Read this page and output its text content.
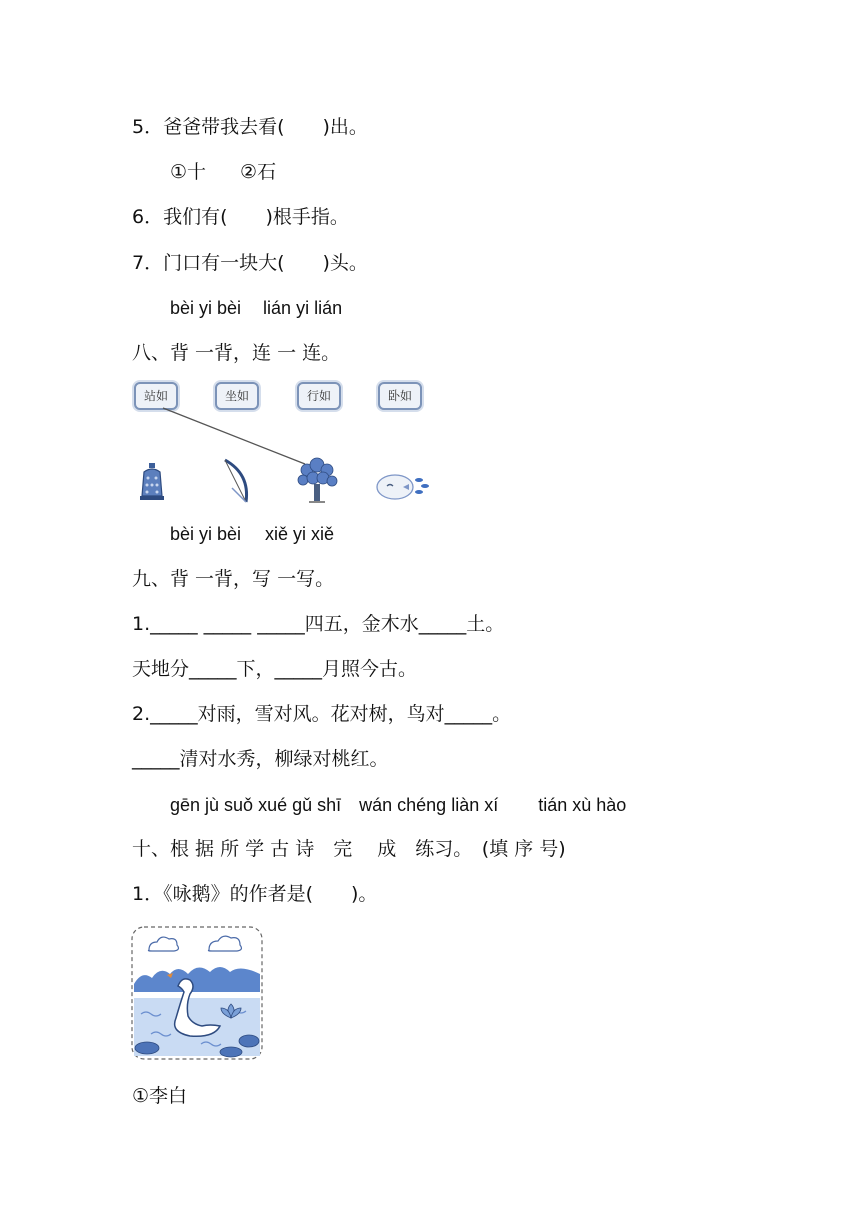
5．爸爸带我去看(　　)出。
①十 ②石
6．我们有(　　)根手指。
7．门口有一块大(　　)头。
bèi yi bèi lián yi lián
八、背 一背，连 一 连。
站如	坐如	行如	卧如
bèi yi bèi xiě yi xiě
九、背 一背，写 一写。
1._____ _____ _____四五，金木水_____土。
天地分_____下，_____月照今古。
2._____对雨，雪对风。花对树，鸟对_____。
_____清对水秀，柳绿对桃红。
gēn jù suǒ xué gǔ shī wán chéng liàn xí tián xù hào
十、根 据 所 学 古 诗　完　 成　练习。　(填 序 号)
1．《咏鹅》的作者是(　　)。
①李白
